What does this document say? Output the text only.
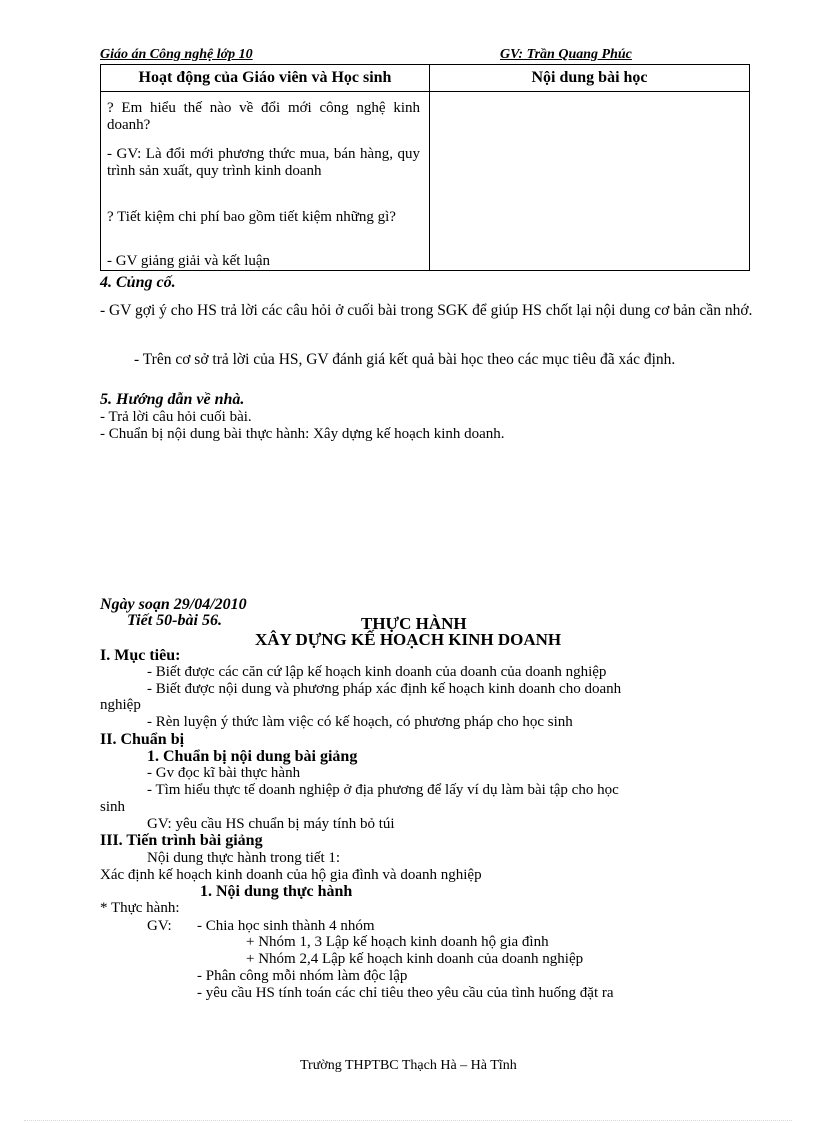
Giáo án Công nghệ lớp 10	GV: Trần Quang Phúc
Hoạt động của Giáo viên và Học sinh	Nội dung bài học

? Em hiểu thế nào về đổi mới công nghệ kinh doanh?

- GV: Là đổi mới phương thức mua, bán hàng, quy trình sản xuất, quy trình kinh doanh

? Tiết kiệm chi phí bao gồm tiết kiệm những gì?

- GV giảng giải và kết luận	

4. Củng cố.
- GV gợi ý cho HS trả lời các câu hỏi ở cuối bài trong SGK để giúp HS chốt lại nội dung cơ bản cần nhớ.
- Trên cơ sở trả lời của HS, GV đánh giá kết quả bài học theo các mục tiêu đã xác định.
5. Hướng dẫn về nhà.
- Trả lời câu hỏi cuối bài.
- Chuẩn bị nội dung bài thực hành: Xây dựng kế hoạch kinh doanh.
Ngày soạn 29/04/2010
Tiết 50-bài 56.	THỰC HÀNH
XÂY DỰNG KẾ HOẠCH KINH DOANH
I. Mục tiêu:
- Biết được các căn cứ lập kế hoạch kinh doanh của doanh của doanh nghiệp
- Biết được nội dung và phương pháp xác định kế hoạch kinh doanh cho doanh
nghiệp
- Rèn luyện ý thức làm việc có kế hoạch, có phương pháp cho học sinh
II. Chuẩn bị
1. Chuẩn bị nội dung bài giảng
- Gv đọc kĩ bài thực hành
- Tìm hiểu thực tế doanh nghiệp ở địa phương để lấy ví dụ làm bài tập cho học
sinh
GV: yêu cầu HS chuẩn bị máy tính bỏ túi
III. Tiến trình bài giảng
Nội dung thực hành trong tiết 1:
Xác định kế hoạch kinh doanh của hộ gia đình và doanh nghiệp
1. Nội dung thực hành
* Thực hành:
GV: - Chia học sinh thành 4 nhóm
+ Nhóm 1, 3 Lập kế hoạch kinh doanh hộ gia đình
+ Nhóm 2,4 Lập kế hoạch kinh doanh của doanh nghiệp
- Phân công mỗi nhóm làm độc lập
- yêu cầu HS tính toán các chỉ tiêu theo yêu cầu của tình huống đặt ra
Trường THPTBC Thạch Hà – Hà Tĩnh
